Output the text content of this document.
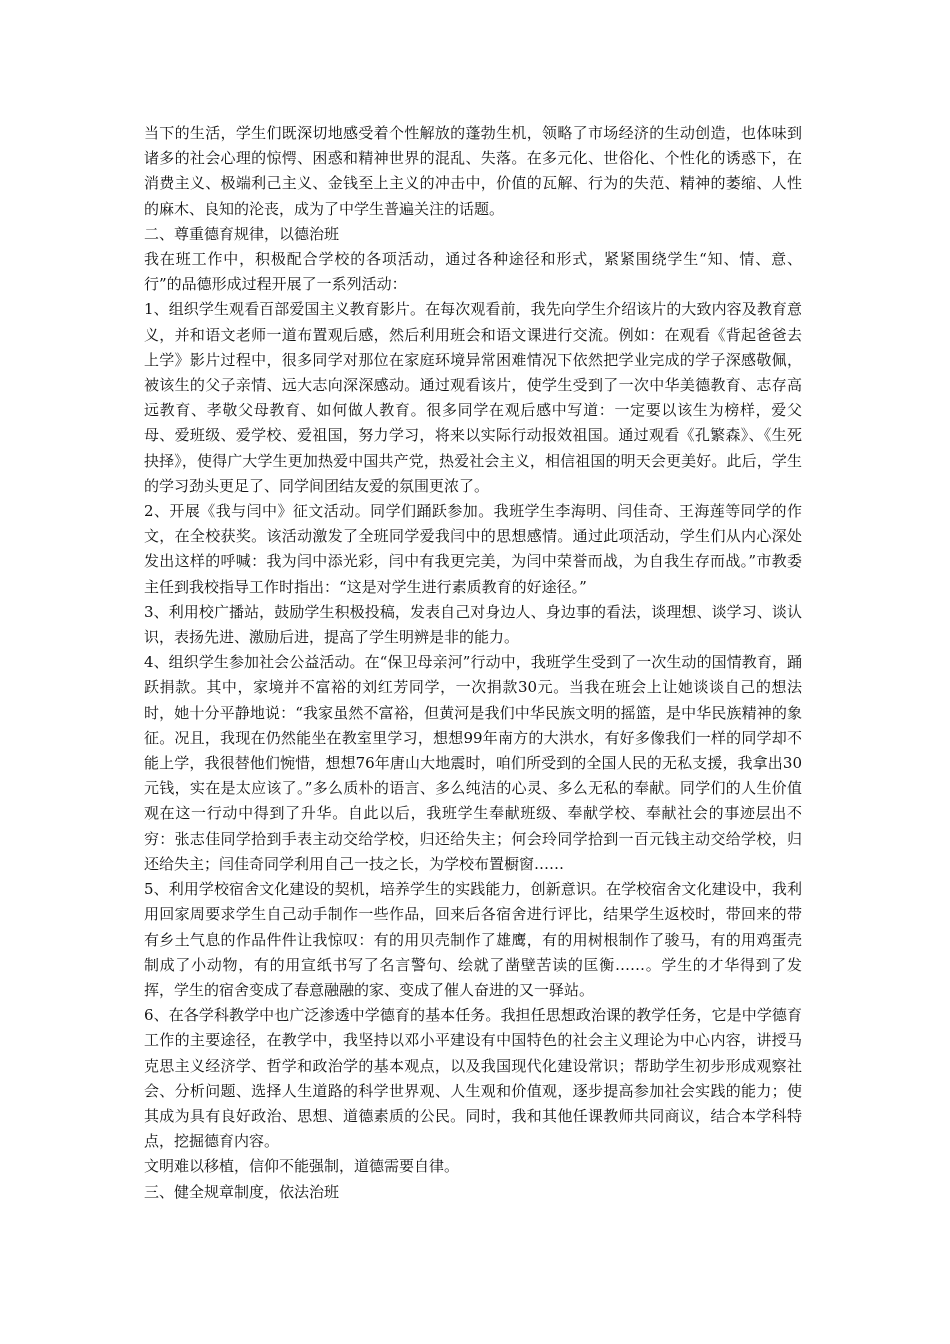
当下的生活，学生们既深切地感受着个性解放的蓬勃生机，领略了市场经济的生动创造，也体味到诸多的社会心理的惊愕、困惑和精神世界的混乱、失落。在多元化、世俗化、个性化的诱惑下，在消费主义、极端利己主义、金钱至上主义的冲击中，价值的瓦解、行为的失范、精神的萎缩、人性的麻木、良知的沦丧，成为了中学生普遍关注的话题。

二、尊重德育规律，以德治班

我在班工作中，积极配合学校的各项活动，通过各种途径和形式，紧紧围绕学生“知、情、意、行”的品德形成过程开展了一系列活动：

1、组织学生观看百部爱国主义教育影片。在每次观看前，我先向学生介绍该片的大致内容及教育意义，并和语文老师一道布置观后感，然后利用班会和语文课进行交流。例如：在观看《背起爸爸去上学》影片过程中，很多同学对那位在家庭环境异常困难情况下依然把学业完成的学子深感敬佩，被该生的父子亲情、远大志向深深感动。通过观看该片，使学生受到了一次中华美德教育、志存高远教育、孝敬父母教育、如何做人教育。很多同学在观后感中写道：一定要以该生为榜样，爱父母、爱班级、爱学校、爱祖国，努力学习，将来以实际行动报效祖国。通过观看《孔繁森》、《生死抉择》，使得广大学生更加热爱中国共产党，热爱社会主义，相信祖国的明天会更美好。此后，学生的学习劲头更足了、同学间团结友爱的氛围更浓了。

2、开展《我与闫中》征文活动。同学们踊跃参加。我班学生李海明、闫佳奇、王海莲等同学的作文，在全校获奖。该活动激发了全班同学爱我闫中的思想感情。通过此项活动，学生们从内心深处发出这样的呼喊：我为闫中添光彩，闫中有我更完美，为闫中荣誉而战，为自我生存而战。”市教委主任到我校指导工作时指出：“这是对学生进行素质教育的好途径。”

3、利用校广播站，鼓励学生积极投稿，发表自己对身边人、身边事的看法，谈理想、谈学习、谈认识，表扬先进、激励后进，提高了学生明辨是非的能力。

4、组织学生参加社会公益活动。在“保卫母亲河”行动中，我班学生受到了一次生动的国情教育，踊跃捐款。其中，家境并不富裕的刘红芳同学，一次捐款30元。当我在班会上让她谈谈自己的想法时，她十分平静地说：“我家虽然不富裕，但黄河是我们中华民族文明的摇篮，是中华民族精神的象征。况且，我现在仍然能坐在教室里学习，想想99年南方的大洪水，有好多像我们一样的同学却不能上学，我很替他们惋惜，想想76年唐山大地震时，咱们所受到的全国人民的无私支援，我拿出30元钱，实在是太应该了。”多么质朴的语言、多么纯洁的心灵、多么无私的奉献。同学们的人生价值观在这一行动中得到了升华。自此以后，我班学生奉献班级、奉献学校、奉献社会的事迹层出不穷：张志佳同学拾到手表主动交给学校，归还给失主；何会玲同学拾到一百元钱主动交给学校，归还给失主；闫佳奇同学利用自己一技之长，为学校布置橱窗……

5、利用学校宿舍文化建设的契机，培养学生的实践能力，创新意识。在学校宿舍文化建设中，我利用回家周要求学生自己动手制作一些作品，回来后各宿舍进行评比，结果学生返校时，带回来的带有乡土气息的作品件件让我惊叹：有的用贝壳制作了雄鹰，有的用树根制作了骏马，有的用鸡蛋壳制成了小动物，有的用宣纸书写了名言警句、绘就了凿壁苦读的匡衡……。学生的才华得到了发挥，学生的宿舍变成了春意融融的家、变成了催人奋进的又一驿站。

6、在各学科教学中也广泛渗透中学德育的基本任务。我担任思想政治课的教学任务，它是中学德育工作的主要途径，在教学中，我坚持以邓小平建设有中国特色的社会主义理论为中心内容，讲授马克思主义经济学、哲学和政治学的基本观点，以及我国现代化建设常识；帮助学生初步形成观察社会、分析问题、选择人生道路的科学世界观、人生观和价值观，逐步提高参加社会实践的能力；使其成为具有良好政治、思想、道德素质的公民。同时，我和其他任课教师共同商议，结合本学科特点，挖掘德育内容。

文明难以移植，信仰不能强制，道德需要自律。

三、健全规章制度，依法治班
